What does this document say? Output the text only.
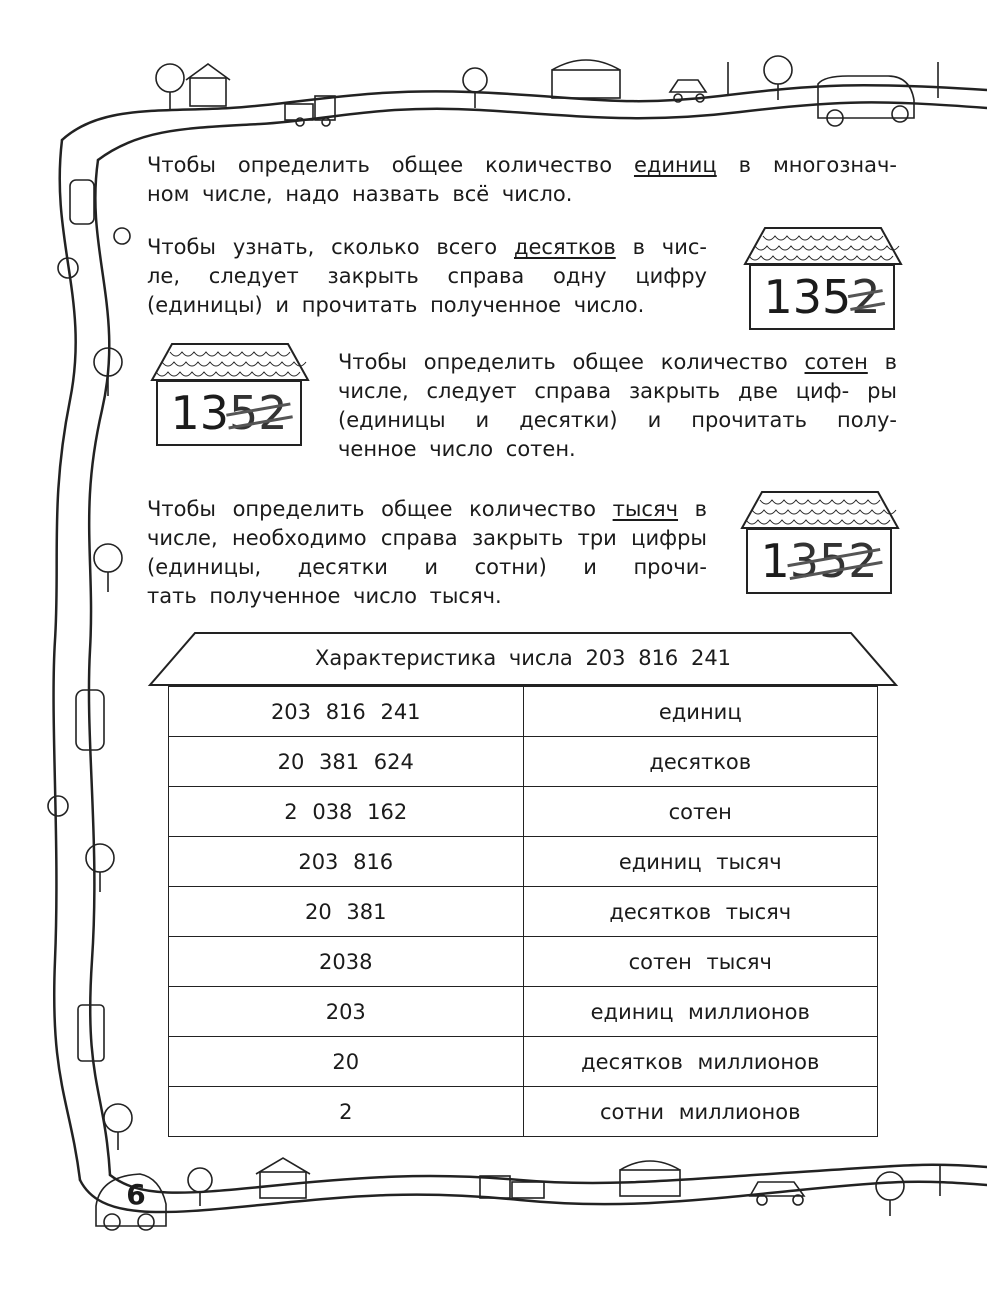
6
Чтобы определить общее количество единиц в многознач-
ном числе, надо назвать всё число.
Чтобы узнать, сколько всего десятков в чис- ле, следует закрыть справа одну цифру
(единицы) и прочитать полученное число.	135 2
13 52
Чтобы определить общее количество сотен в числе, следует справа закрыть две циф- ры (единицы и десятки) и прочитать полу-
ченное число сотен.
Чтобы определить общее количество тысяч в числе, необходимо справа закрыть три цифры (единицы, десятки и сотни) и прочи-
тать полученное число тысяч.
1 352
Характеристика числа 203 816 241
203 816 241	единиц
20 381 624	десятков
2 038 162	сотен
203 816	единиц тысяч
20 381	десятков тысяч
2038	сотен тысяч
203	единиц миллионов
20	десятков миллионов
2	сотни миллионов
